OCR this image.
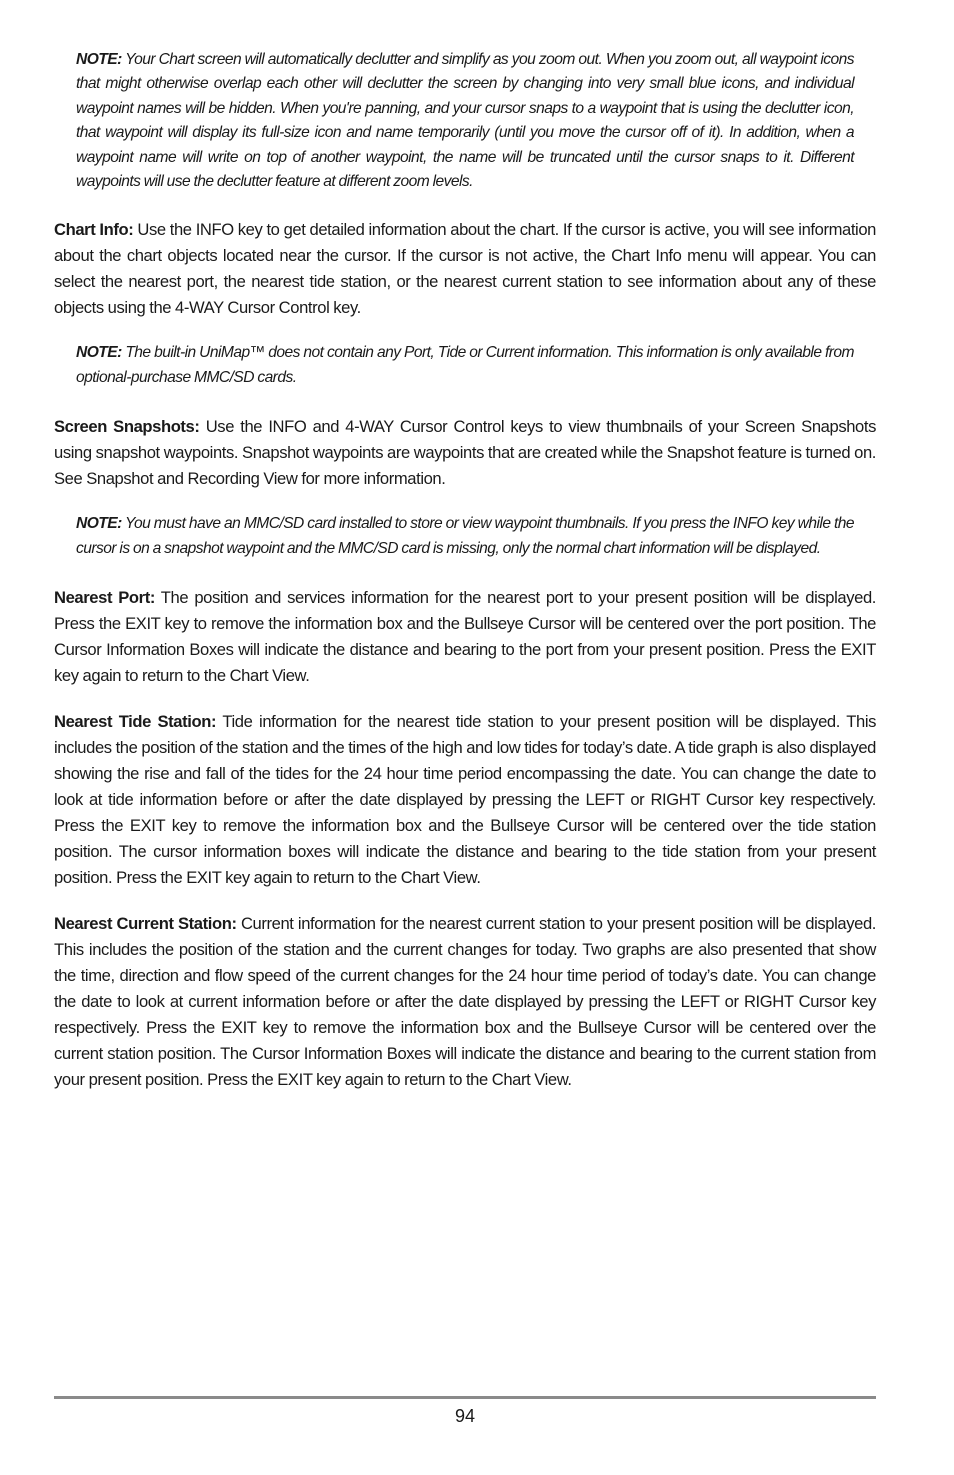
NOTE: Your Chart screen will automatically declutter and simplify as you zoom out. When you zoom out, all waypoint icons that might otherwise overlap each other will declutter the screen by changing into very small blue icons, and individual waypoint names will be hidden. When you're panning, and your cursor snaps to a waypoint that is using the declutter icon, that waypoint will display its full-size icon and name temporarily (until you move the cursor off of it). In addition, when a waypoint name will write on top of another waypoint, the name will be truncated until the cursor snaps to it. Different waypoints will use the declutter feature at different zoom levels.

Chart Info: Use the INFO key to get detailed information about the chart. If the cursor is active, you will see information about the chart objects located near the cursor. If the cursor is not active, the Chart Info menu will appear. You can select the nearest port, the nearest tide station, or the nearest current station to see information about any of these objects using the 4-WAY Cursor Control key.

NOTE: The built-in UniMap™ does not contain any Port, Tide or Current information. This information is only available from optional-purchase MMC/SD cards.

Screen Snapshots: Use the INFO and 4-WAY Cursor Control keys to view thumbnails of your Screen Snapshots using snapshot waypoints. Snapshot waypoints are waypoints that are created while the Snapshot feature is turned on. See Snapshot and Recording View for more information.

NOTE: You must have an MMC/SD card installed to store or view waypoint thumbnails. If you press the INFO key while the cursor is on a snapshot waypoint and the MMC/SD card is missing, only the normal chart information will be displayed.

Nearest Port: The position and services information for the nearest port to your present position will be displayed. Press the EXIT key to remove the information box and the Bullseye Cursor will be centered over the port position. The Cursor Information Boxes will indicate the distance and bearing to the port from your present position. Press the EXIT key again to return to the Chart View.

Nearest Tide Station: Tide information for the nearest tide station to your present position will be displayed. This includes the position of the station and the times of the high and low tides for today’s date. A tide graph is also displayed showing the rise and fall of the tides for the 24 hour time period encompassing the date. You can change the date to look at tide information before or after the date displayed by pressing the LEFT or RIGHT Cursor key respectively. Press the EXIT key to remove the information box and the Bullseye Cursor will be centered over the tide station position. The cursor information boxes will indicate the distance and bearing to the tide station from your present position. Press the EXIT key again to return to the Chart View.

Nearest Current Station: Current information for the nearest current station to your present position will be displayed. This includes the position of the station and the current changes for today. Two graphs are also presented that show the time, direction and flow speed of the current changes for the 24 hour time period of today’s date. You can change the date to look at current information before or after the date displayed by pressing the LEFT or RIGHT Cursor key respectively. Press the EXIT key to remove the information box and the Bullseye Cursor will be centered over the current station position. The Cursor Information Boxes will indicate the distance and bearing to the current station from your present position. Press the EXIT key again to return to the Chart View.

94
